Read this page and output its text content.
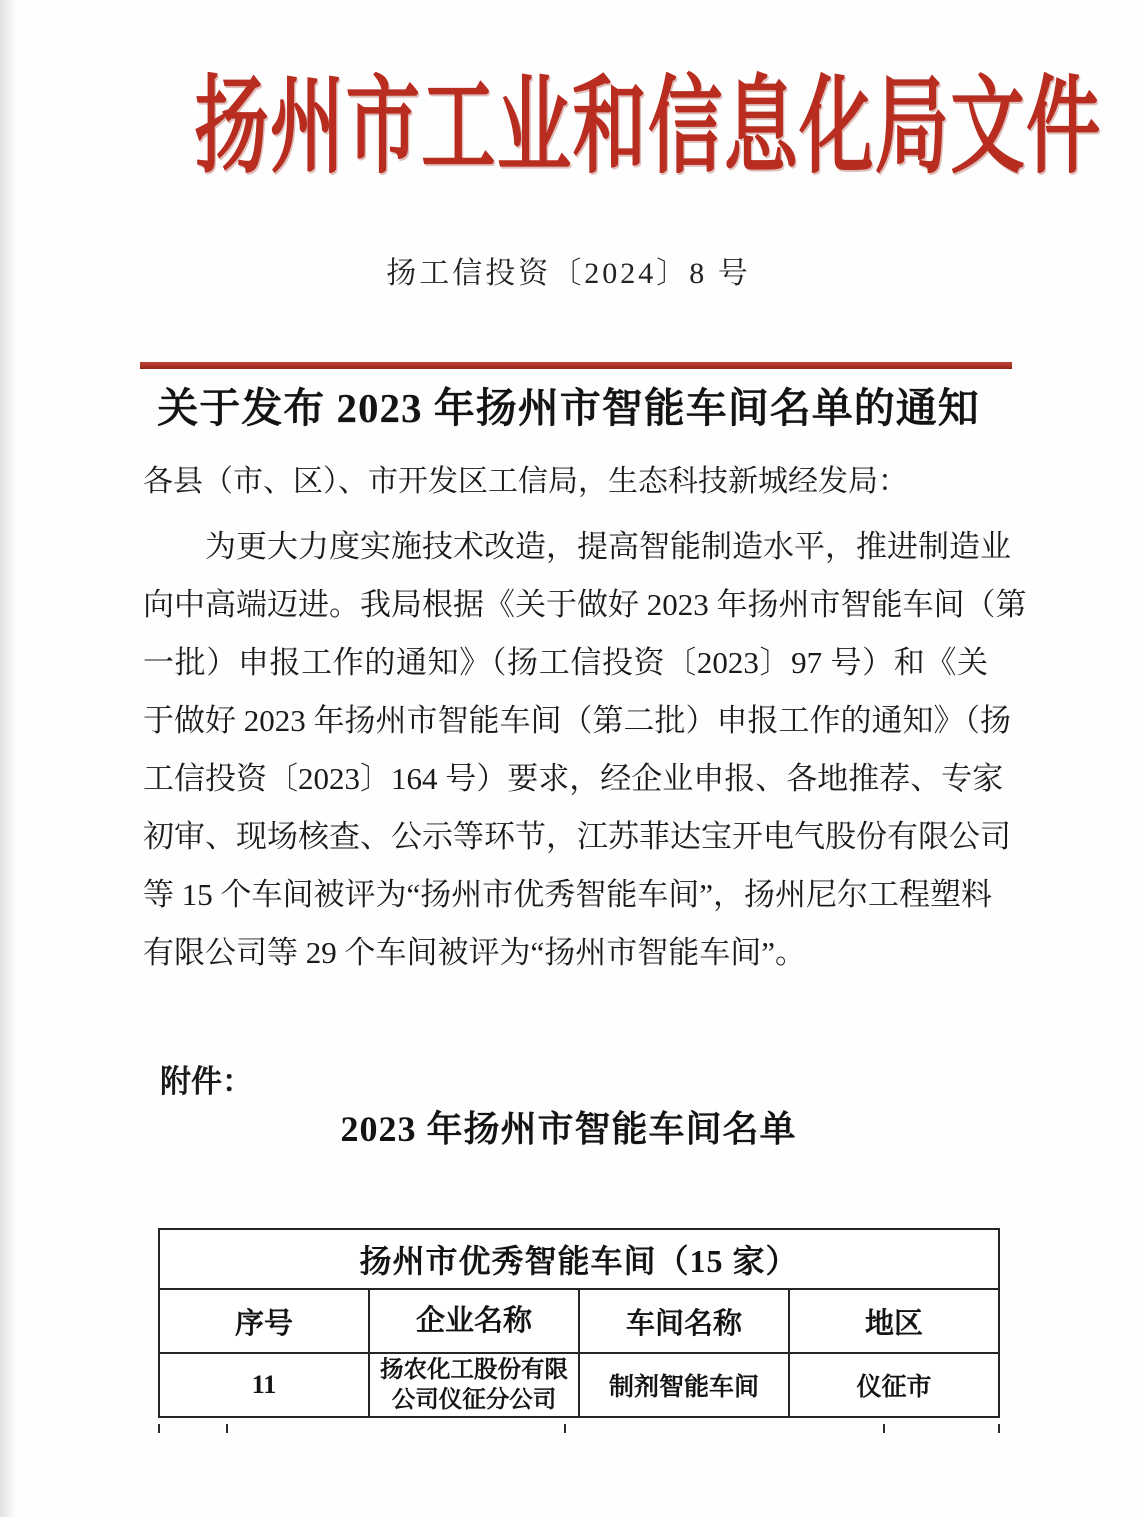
扬州市工业和信息化局文件
扬工信投资〔2024〕8 号
关于发布 2023 年扬州市智能车间名单的通知
各县（市、区）、市开发区工信局，生态科技新城经发局：
为更大力度实施技术改造，提高智能制造水平，推进制造业
向中高端迈进。我局根据《关于做好 2023 年扬州市智能车间（第
一批）申报工作的通知》（扬工信投资〔2023〕97 号）和《关
于做好 2023 年扬州市智能车间（第二批）申报工作的通知》（扬
工信投资〔2023〕164 号）要求，经企业申报、各地推荐、专家
初审、现场核查、公示等环节，江苏菲达宝开电气股份有限公司
等 15 个车间被评为“扬州市优秀智能车间”，扬州尼尔工程塑料
有限公司等 29 个车间被评为“扬州市智能车间”。
附件：
2023 年扬州市智能车间名单
扬州市优秀智能车间（15 家）			
序号	企业名称	车间名称	地区
11	扬农化工股份有限公司仪征分公司	制剂智能车间	仪征市
